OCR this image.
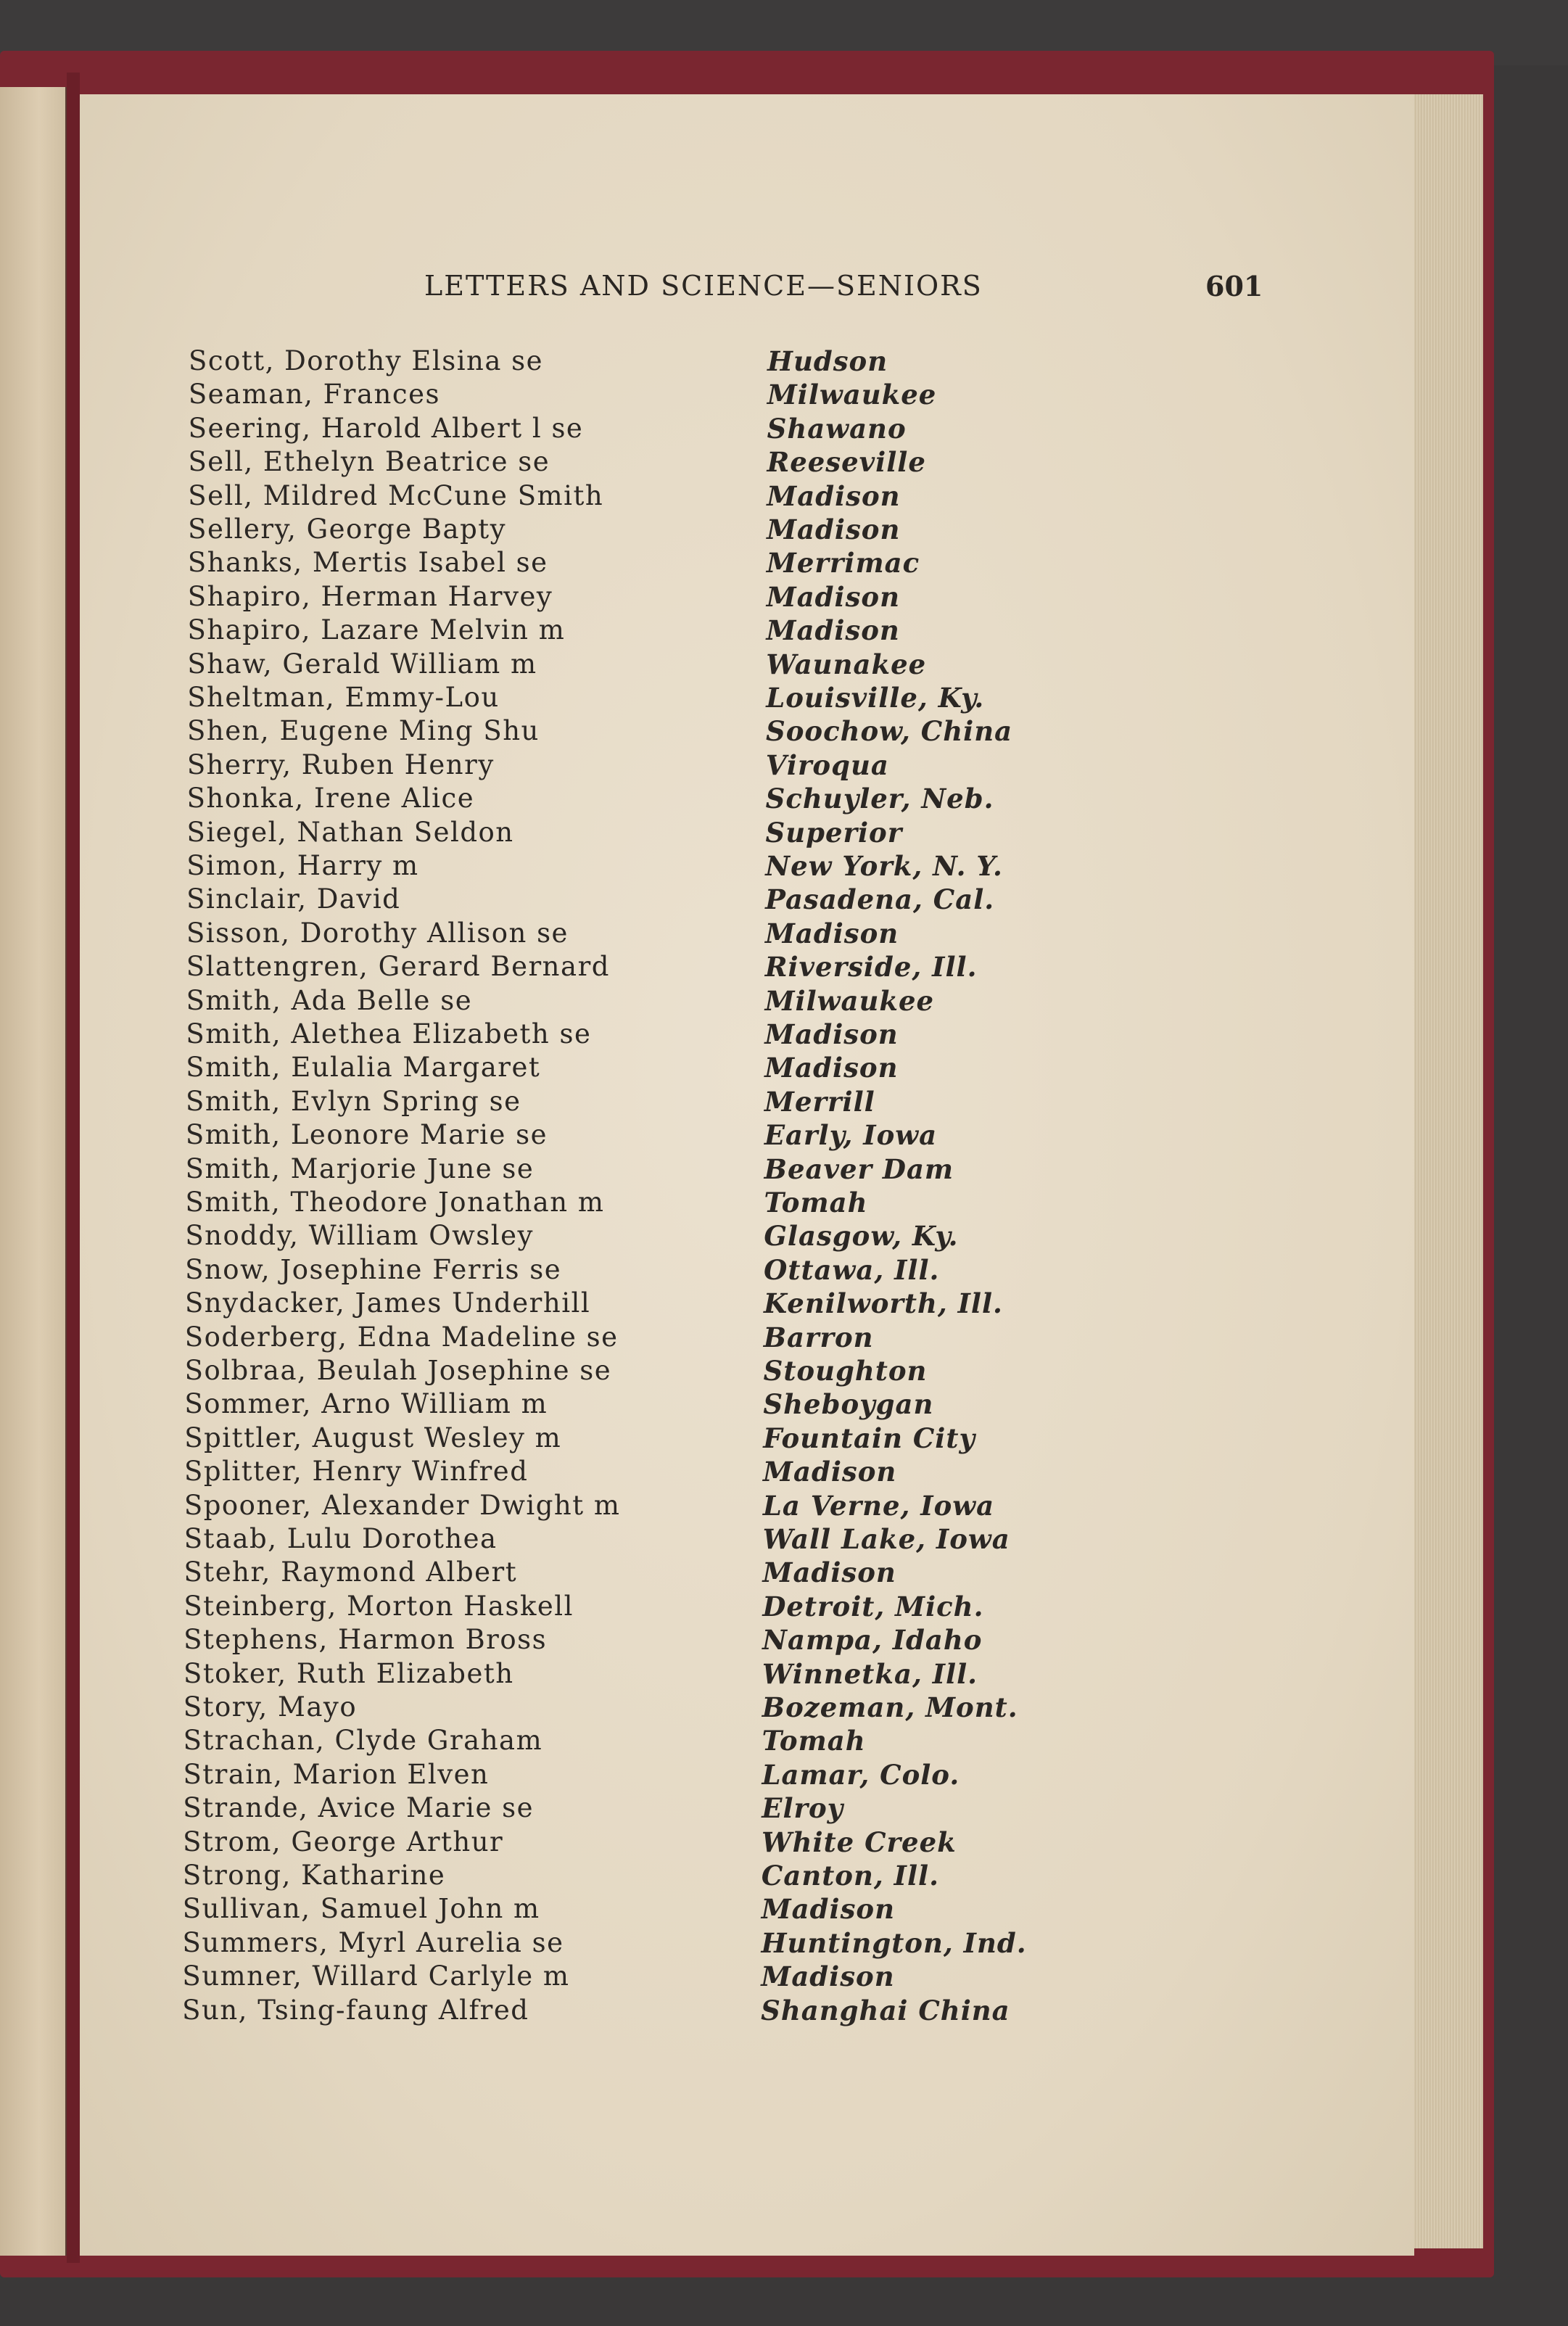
LETTERS AND SCIENCE—SENIORS	601
Scott, Dorothy Elsina se	Hudson
Seaman, Frances	Milwaukee
Seering, Harold Albert l se	Shawano
Sell, Ethelyn Beatrice se	Reeseville
Sell, Mildred McCune Smith	Madison
Sellery, George Bapty	Madison
Shanks, Mertis Isabel se	Merrimac
Shapiro, Herman Harvey	Madison
Shapiro, Lazare Melvin m	Madison
Shaw, Gerald William m	Waunakee
Sheltman, Emmy-Lou	Louisville, Ky.
Shen, Eugene Ming Shu	Soochow, China
Sherry, Ruben Henry	Viroqua
Shonka, Irene Alice	Schuyler, Neb.
Siegel, Nathan Seldon	Superior
Simon, Harry m	New York, N. Y.
Sinclair, David	Pasadena, Cal.
Sisson, Dorothy Allison se	Madison
Slattengren, Gerard Bernard	Riverside, Ill.
Smith, Ada Belle se	Milwaukee
Smith, Alethea Elizabeth se	Madison
Smith, Eulalia Margaret	Madison
Smith, Evlyn Spring se	Merrill
Smith, Leonore Marie se	Early, Iowa
Smith, Marjorie June se	Beaver Dam
Smith, Theodore Jonathan m	Tomah
Snoddy, William Owsley	Glasgow, Ky.
Snow, Josephine Ferris se	Ottawa, Ill.
Snydacker, James Underhill	Kenilworth, Ill.
Soderberg, Edna Madeline se	Barron
Solbraa, Beulah Josephine se	Stoughton
Sommer, Arno William m	Sheboygan
Spittler, August Wesley m	Fountain City
Splitter, Henry Winfred	Madison
Spooner, Alexander Dwight m	La Verne, Iowa
Staab, Lulu Dorothea	Wall Lake, Iowa
Stehr, Raymond Albert	Madison
Steinberg, Morton Haskell	Detroit, Mich.
Stephens, Harmon Bross	Nampa, Idaho
Stoker, Ruth Elizabeth	Winnetka, Ill.
Story, Mayo	Bozeman, Mont.
Strachan, Clyde Graham	Tomah
Strain, Marion Elven	Lamar, Colo.
Strande, Avice Marie se	Elroy
Strom, George Arthur	White Creek
Strong, Katharine	Canton, Ill.
Sullivan, Samuel John m	Madison
Summers, Myrl Aurelia se	Huntington, Ind.
Sumner, Willard Carlyle m	Madison
Sun, Tsing-faung Alfred	Shanghai China
